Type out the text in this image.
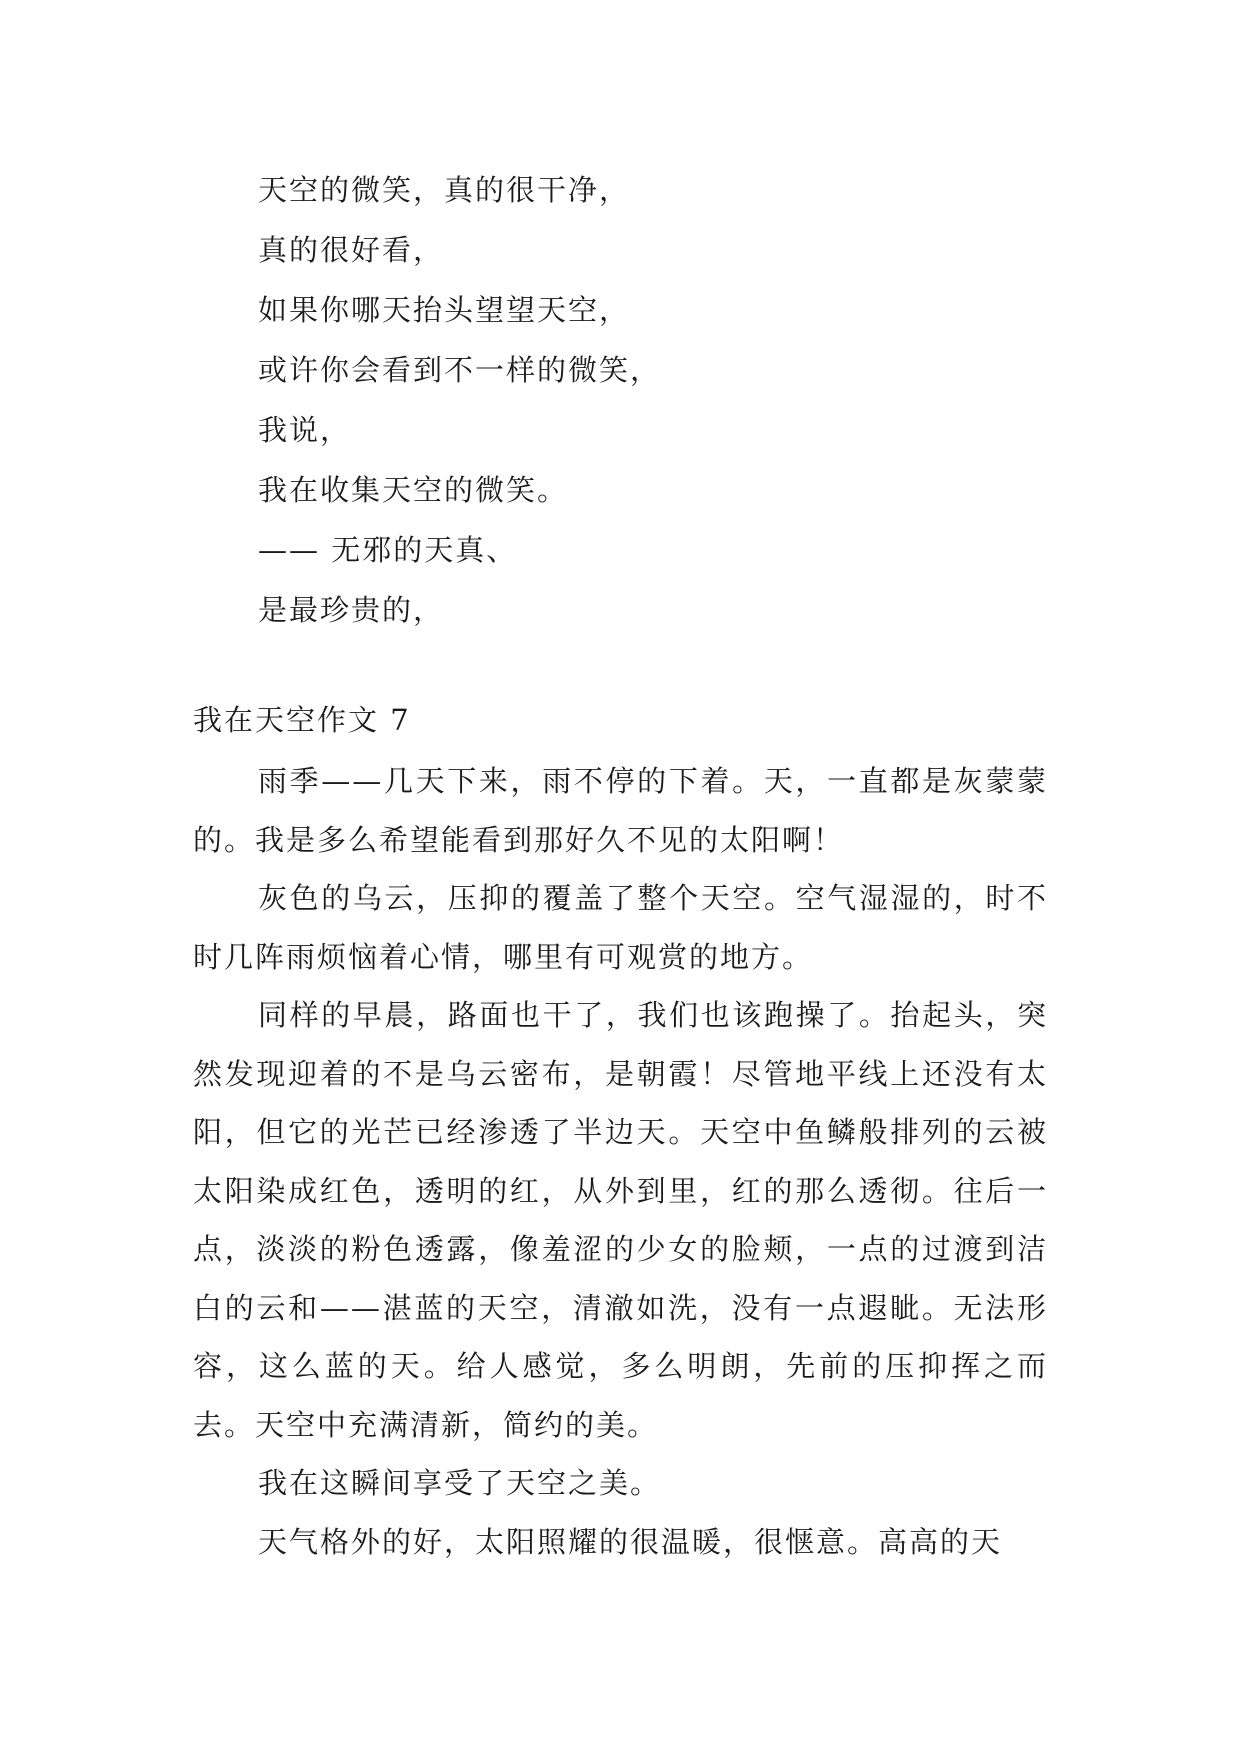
天空的微笑，真的很干净，
真的很好看，
如果你哪天抬头望望天空，
或许你会看到不一样的微笑，
我说，
我在收集天空的微笑。
—— 无邪的天真、
是最珍贵的，
我在天空作文 7

雨季——几天下来，雨不停的下着。天，一直都是灰蒙蒙的。我是多么希望能看到那好久不见的太阳啊！

灰色的乌云，压抑的覆盖了整个天空。空气湿湿的，时不时几阵雨烦恼着心情，哪里有可观赏的地方。

同样的早晨，路面也干了，我们也该跑操了。抬起头，突然发现迎着的不是乌云密布，是朝霞！尽管地平线上还没有太阳，但它的光芒已经渗透了半边天。天空中鱼鳞般排列的云被太阳染成红色，透明的红，从外到里，红的那么透彻。往后一点，淡淡的粉色透露，像羞涩的少女的脸颊，一点的过渡到洁白的云和——湛蓝的天空，清澈如洗，没有一点遐眦。无法形容，这么蓝的天。给人感觉，多么明朗，先前的压抑挥之而去。天空中充满清新，简约的美。

我在这瞬间享受了天空之美。

天气格外的好，太阳照耀的很温暖，很惬意。高高的天
